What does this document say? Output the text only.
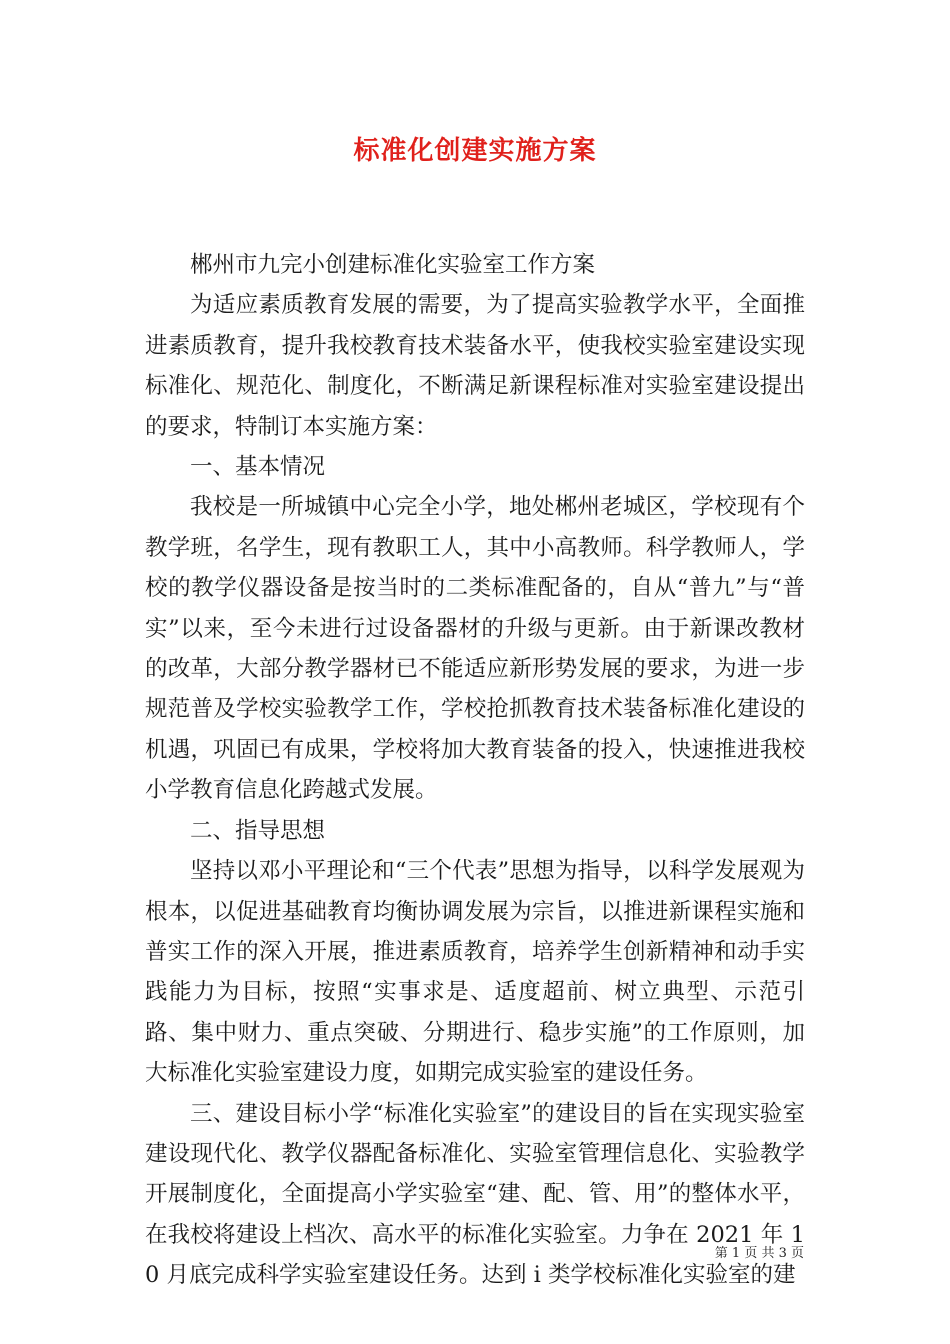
标准化创建实施方案

郴州市九完小创建标准化实验室工作方案

为适应素质教育发展的需要，为了提高实验教学水平，全面推进素质教育，提升我校教育技术装备水平，使我校实验室建设实现标准化、规范化、制度化，不断满足新课程标准对实验室建设提出的要求，特制订本实施方案：

一、基本情况

我校是一所城镇中心完全小学，地处郴州老城区，学校现有个教学班，名学生，现有教职工人，其中小高教师。科学教师人，学校的教学仪器设备是按当时的二类标准配备的，自从“普九”与“普实”以来，至今未进行过设备器材的升级与更新。由于新课改教材的改革，大部分教学器材已不能适应新形势发展的要求，为进一步规范普及学校实验教学工作，学校抢抓教育技术装备标准化建设的机遇，巩固已有成果，学校将加大教育装备的投入，快速推进我校小学教育信息化跨越式发展。

二、指导思想

坚持以邓小平理论和“三个代表”思想为指导，以科学发展观为根本，以促进基础教育均衡协调发展为宗旨，以推进新课程实施和普实工作的深入开展，推进素质教育，培养学生创新精神和动手实践能力为目标，按照“实事求是、适度超前、树立典型、示范引路、集中财力、重点突破、分期进行、稳步实施”的工作原则，加大标准化实验室建设力度，如期完成实验室的建设任务。

三、建设目标小学“标准化实验室”的建设目的旨在实现实验室建设现代化、教学仪器配备标准化、实验室管理信息化、实验教学开展制度化，全面提高小学实验室“建、配、管、用”的整体水平，在我校将建设上档次、高水平的标准化实验室。力争在 2021 年 10 月底完成科学实验室建设任务。达到 i 类学校标准化实验室的建

第 1 页 共 3 页
